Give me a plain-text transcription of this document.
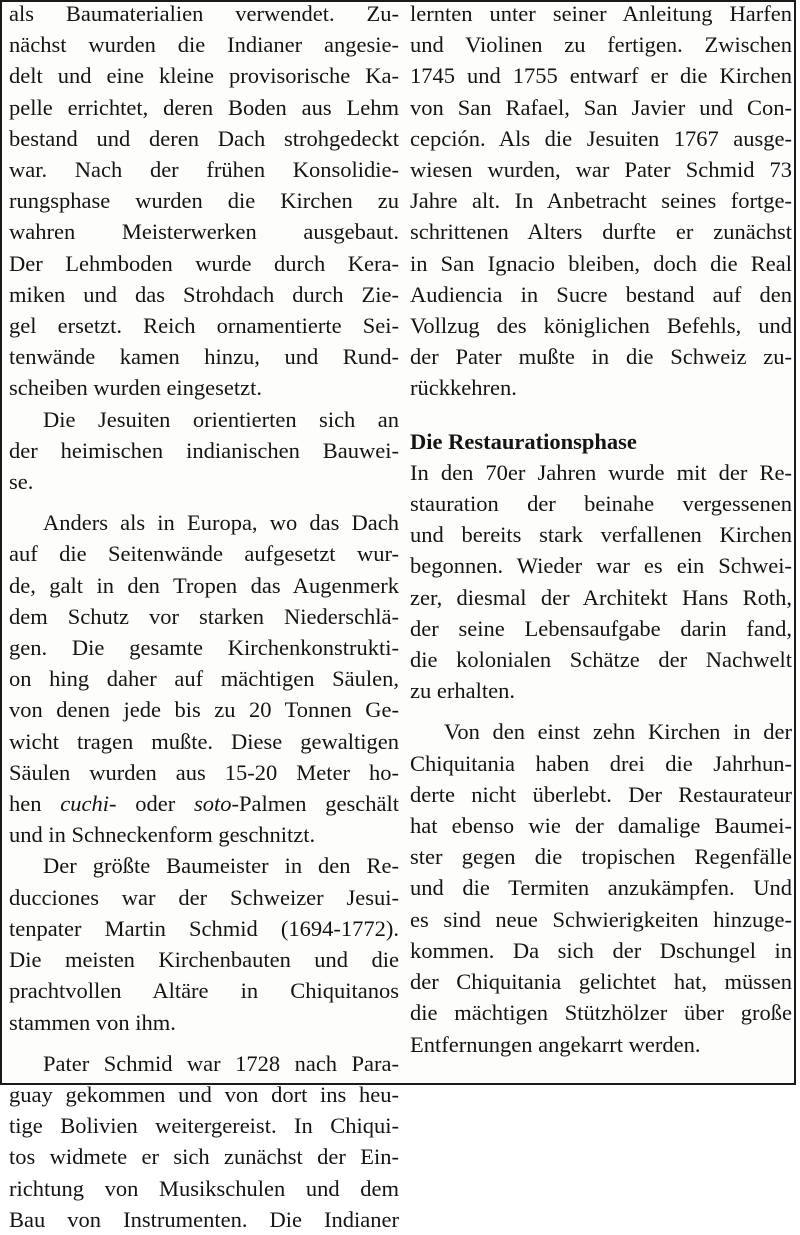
als Baumaterialien verwendet. Zu-
nächst wurden die Indianer angesie-
delt und eine kleine provisorische Ka-
pelle errichtet, deren Boden aus Lehm
bestand und deren Dach strohgedeckt
war. Nach der frühen Konsolidie-
rungsphase wurden die Kirchen zu
wahren Meisterwerken ausgebaut.
Der Lehmboden wurde durch Kera-
miken und das Strohdach durch Zie-
gel ersetzt. Reich ornamentierte Sei-
tenwände kamen hinzu, und Rund-
scheiben wurden eingesetzt.
Die Jesuiten orientierten sich an
der heimischen indianischen Bauwei-
se.
Anders als in Europa, wo das Dach
auf die Seitenwände aufgesetzt wur-
de, galt in den Tropen das Augenmerk
dem Schutz vor starken Niederschlä-
gen. Die gesamte Kirchenkonstrukti-
on hing daher auf mächtigen Säulen,
von denen jede bis zu 20 Tonnen Ge-
wicht tragen mußte. Diese gewaltigen
Säulen wurden aus 15-20 Meter ho-
hen cuchi- oder soto-Palmen geschält
und in Schneckenform geschnitzt.
Der größte Baumeister in den Re-
ducciones war der Schweizer Jesui-
tenpater Martin Schmid (1694-1772).
Die meisten Kirchenbauten und die
prachtvollen Altäre in Chiquitanos
stammen von ihm.
Pater Schmid war 1728 nach Para-
guay gekommen und von dort ins heu-
tige Bolivien weitergereist. In Chiqui-
tos widmete er sich zunächst der Ein-
richtung von Musikschulen und dem
Bau von Instrumenten. Die Indianer
lernten unter seiner Anleitung Harfen
und Violinen zu fertigen. Zwischen
1745 und 1755 entwarf er die Kirchen
von San Rafael, San Javier und Con-
cepción. Als die Jesuiten 1767 ausge-
wiesen wurden, war Pater Schmid 73
Jahre alt. In Anbetracht seines fortge-
schrittenen Alters durfte er zunächst
in San Ignacio bleiben, doch die Real
Audiencia in Sucre bestand auf den
Vollzug des königlichen Befehls, und
der Pater mußte in die Schweiz zu-
rückkehren.
Die Restaurationsphase
In den 70er Jahren wurde mit der Re-
stauration der beinahe vergessenen
und bereits stark verfallenen Kirchen
begonnen. Wieder war es ein Schwei-
zer, diesmal der Architekt Hans Roth,
der seine Lebensaufgabe darin fand,
die kolonialen Schätze der Nachwelt
zu erhalten.
Von den einst zehn Kirchen in der
Chiquitania haben drei die Jahrhun-
derte nicht überlebt. Der Restaurateur
hat ebenso wie der damalige Baumei-
ster gegen die tropischen Regenfälle
und die Termiten anzukämpfen. Und
es sind neue Schwierigkeiten hinzuge-
kommen. Da sich der Dschungel in
der Chiquitania gelichtet hat, müssen
die mächtigen Stützhölzer über große
Entfernungen angekarrt werden.
